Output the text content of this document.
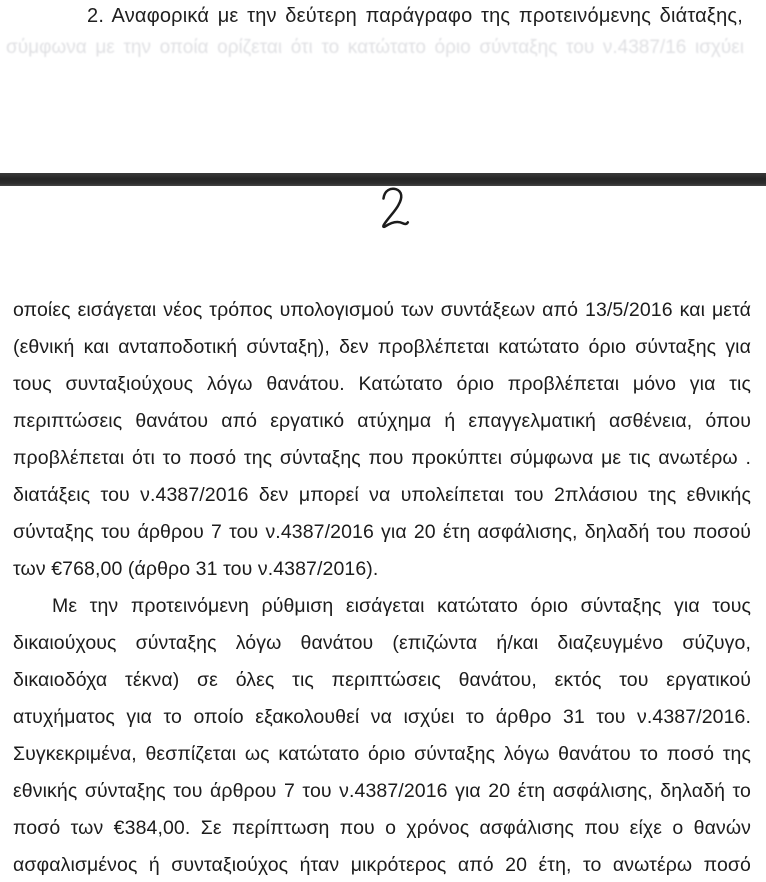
2. Αναφορικά με την δεύτερη παράγραφο της προτεινόμενης διάταξης,
σύμφωνα με την οποία ορίζεται ότι το κατώτατο όριο σύνταξης του ν.4387/16 ισχύει
οποίες εισάγεται νέος τρόπος υπολογισμού των συντάξεων από 13/5/2016 και μετά
(εθνική και ανταποδοτική σύνταξη), δεν προβλέπεται κατώτατο όριο σύνταξης για
τους συνταξιούχους λόγω θανάτου. Κατώτατο όριο προβλέπεται μόνο για τις
περιπτώσεις θανάτου από εργατικό ατύχημα ή επαγγελματική ασθένεια, όπου
προβλέπεται ότι το ποσό της σύνταξης που προκύπτει σύμφωνα με τις ανωτέρω .
διατάξεις του ν.4387/2016 δεν μπορεί να υπολείπεται του 2πλάσιου της εθνικής
σύνταξης του άρθρου 7 του ν.4387/2016 για 20 έτη ασφάλισης, δηλαδή του ποσού
των €768,00 (άρθρο 31 του ν.4387/2016).
Με την προτεινόμενη ρύθμιση εισάγεται κατώτατο όριο σύνταξης για τους
δικαιούχους σύνταξης λόγω θανάτου (επιζώντα ή/και διαζευγμένο σύζυγο,
δικαιοδόχα τέκνα) σε όλες τις περιπτώσεις θανάτου, εκτός του εργατικού
ατυχήματος για το οποίο εξακολουθεί να ισχύει το άρθρο 31 του ν.4387/2016.
Συγκεκριμένα, θεσπίζεται ως κατώτατο όριο σύνταξης λόγω θανάτου το ποσό της
εθνικής σύνταξης του άρθρου 7 του ν.4387/2016 για 20 έτη ασφάλισης, δηλαδή το
ποσό των €384,00. Σε περίπτωση που ο χρόνος ασφάλισης που είχε ο θανών
ασφαλισμένος ή συνταξιούχος ήταν μικρότερος από 20 έτη, το ανωτέρω ποσό
